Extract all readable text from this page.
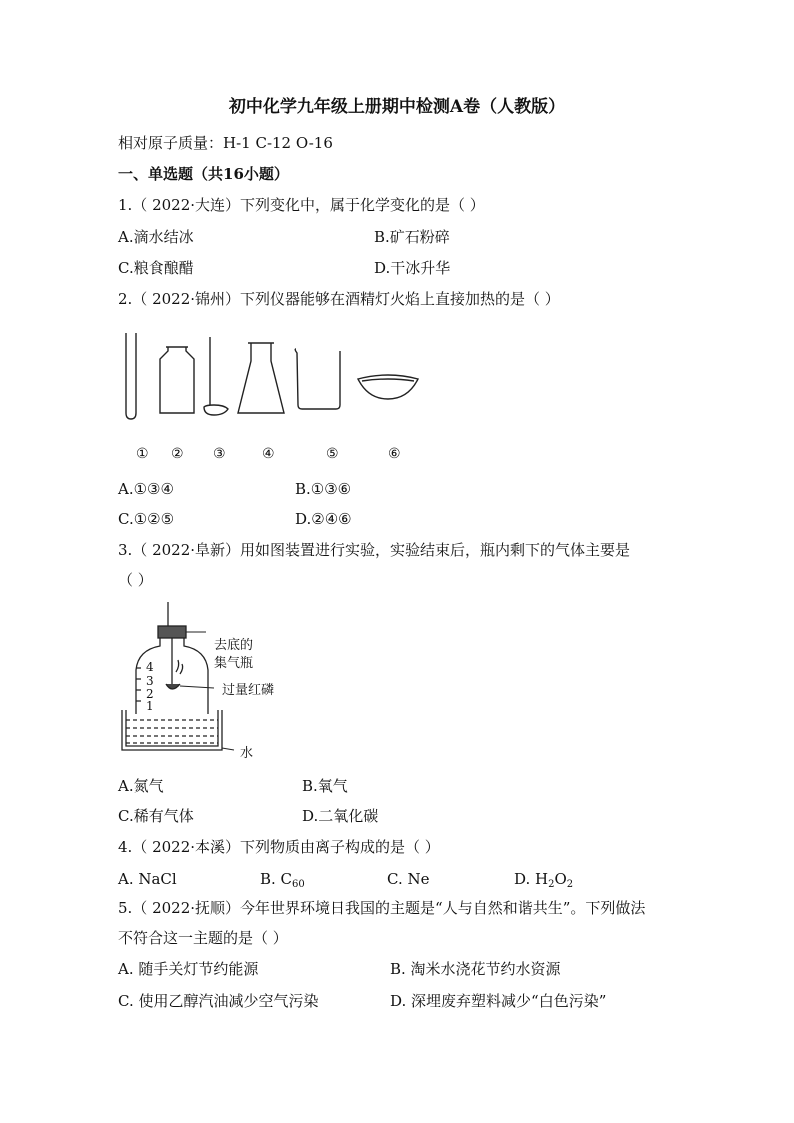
初中化学九年级上册期中检测A卷（人教版）
相对原子质量：H-1 C-12 O-16
一、单选题（共16小题）
1.（ 2022·大连）下列变化中，属于化学变化的是（ ）
A.滴水结冰	B.矿石粉碎
C.粮食酿醋	D.干冰升华
2.（ 2022·锦州）下列仪器能够在酒精灯火焰上直接加热的是（ ）
① ② ③	④	⑤	⑥
A.①③④	B.①③⑥
C.①②⑤	D.②④⑥
3.（ 2022·阜新）用如图装置进行实验，实验结束后，瓶内剩下的气体主要是
（ ）
4
3
2
1
去底的
集气瓶
过量红磷
水
A.氮气	B.氧气
C.稀有气体	D.二氧化碳
4.（ 2022·本溪）下列物质由离子构成的是（ ）
A. NaCl	B. $C_{60}$	C. Ne	D. $H_2O_2$
5.（ 2022·抚顺）今年世界环境日我国的主题是“人与自然和谐共生”。下列做法
不符合这一主题的是（ ）
A. 随手关灯节约能源	B. 淘米水浇花节约水资源
C. 使用乙醇汽油减少空气污染	D. 深埋废弃塑料减少“白色污染”
